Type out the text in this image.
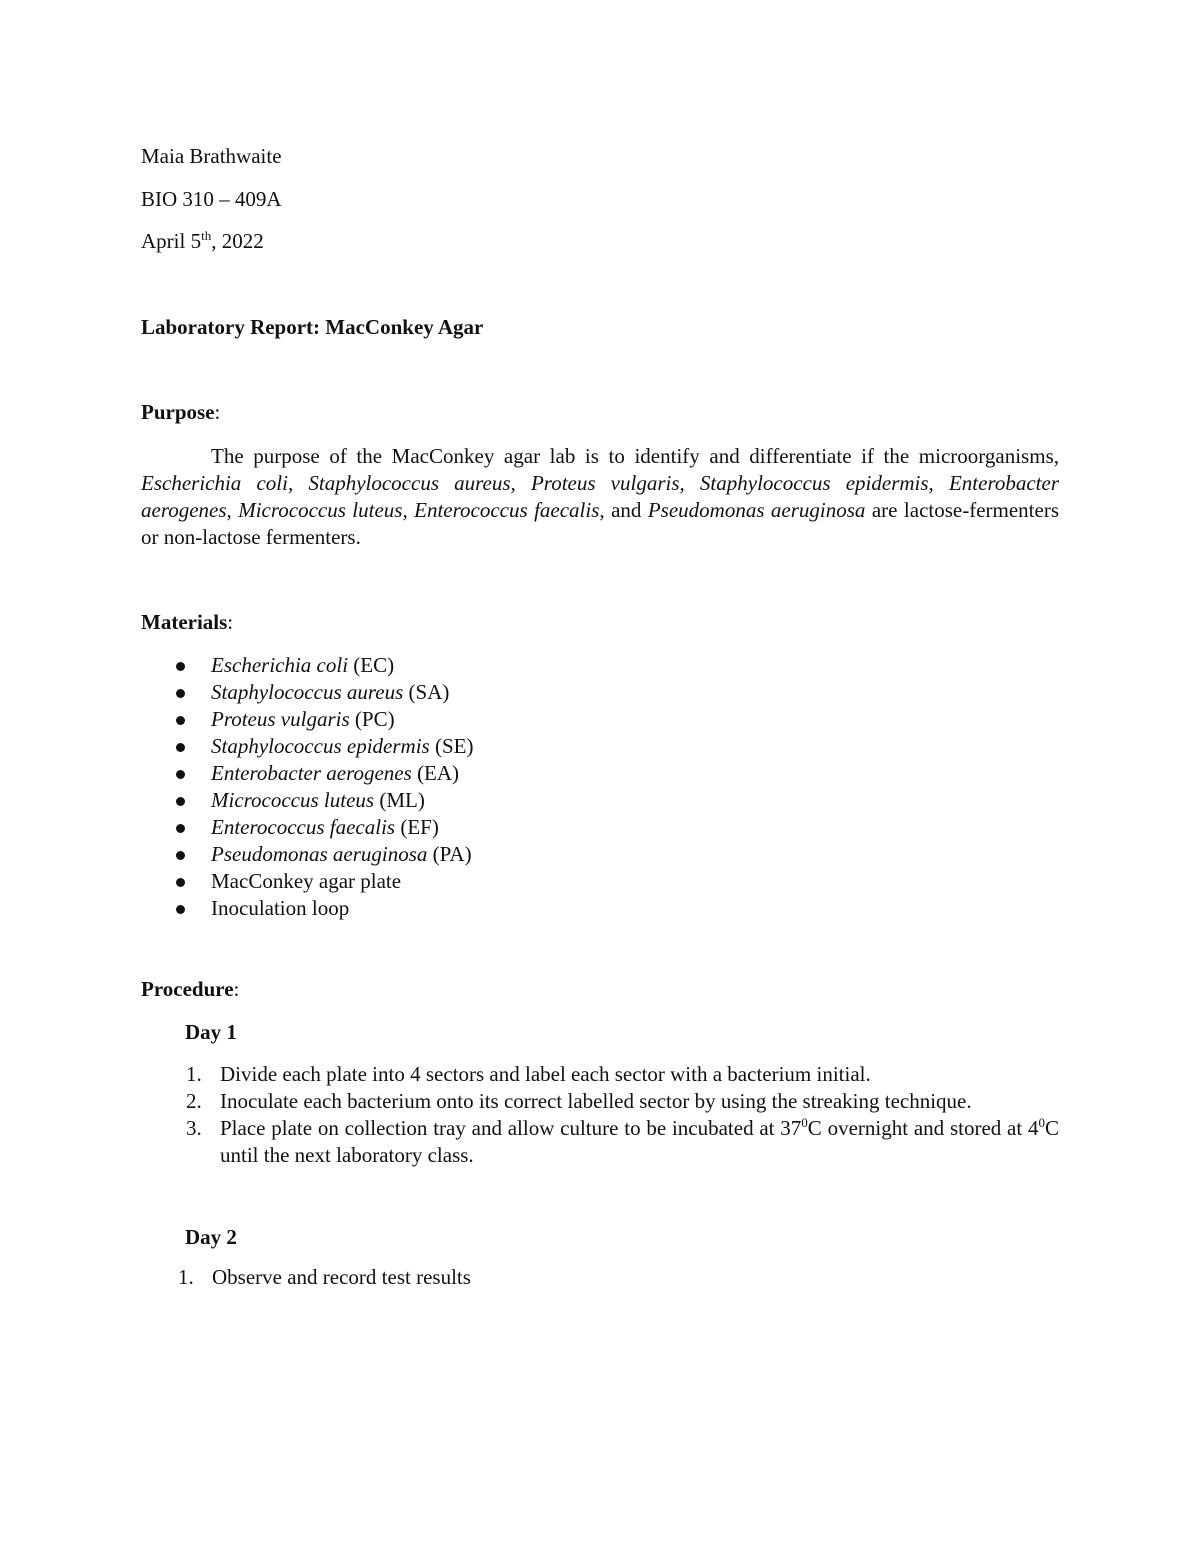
Maia Brathwaite
BIO 310 – 409A
April 5th, 2022
Laboratory Report: MacConkey Agar
Purpose:
The purpose of the MacConkey agar lab is to identify and differentiate if the microorganisms, Escherichia coli, Staphylococcus aureus, Proteus vulgaris, Staphylococcus epidermis, Enterobacter aerogenes, Micrococcus luteus, Enterococcus faecalis, and Pseudomonas aeruginosa are lactose-fermenters or non-lactose fermenters.
Materials:
Escherichia coli (EC)
Staphylococcus aureus (SA)
Proteus vulgaris (PC)
Staphylococcus epidermis (SE)
Enterobacter aerogenes (EA)
Micrococcus luteus (ML)
Enterococcus faecalis (EF)
Pseudomonas aeruginosa (PA)
MacConkey agar plate
Inoculation loop
Procedure:
Day 1
1. Divide each plate into 4 sectors and label each sector with a bacterium initial.
2. Inoculate each bacterium onto its correct labelled sector by using the streaking technique.
3. Place plate on collection tray and allow culture to be incubated at $37^0C$ overnight and stored at $4^0C$ until the next laboratory class.
Day 2
1. Observe and record test results
